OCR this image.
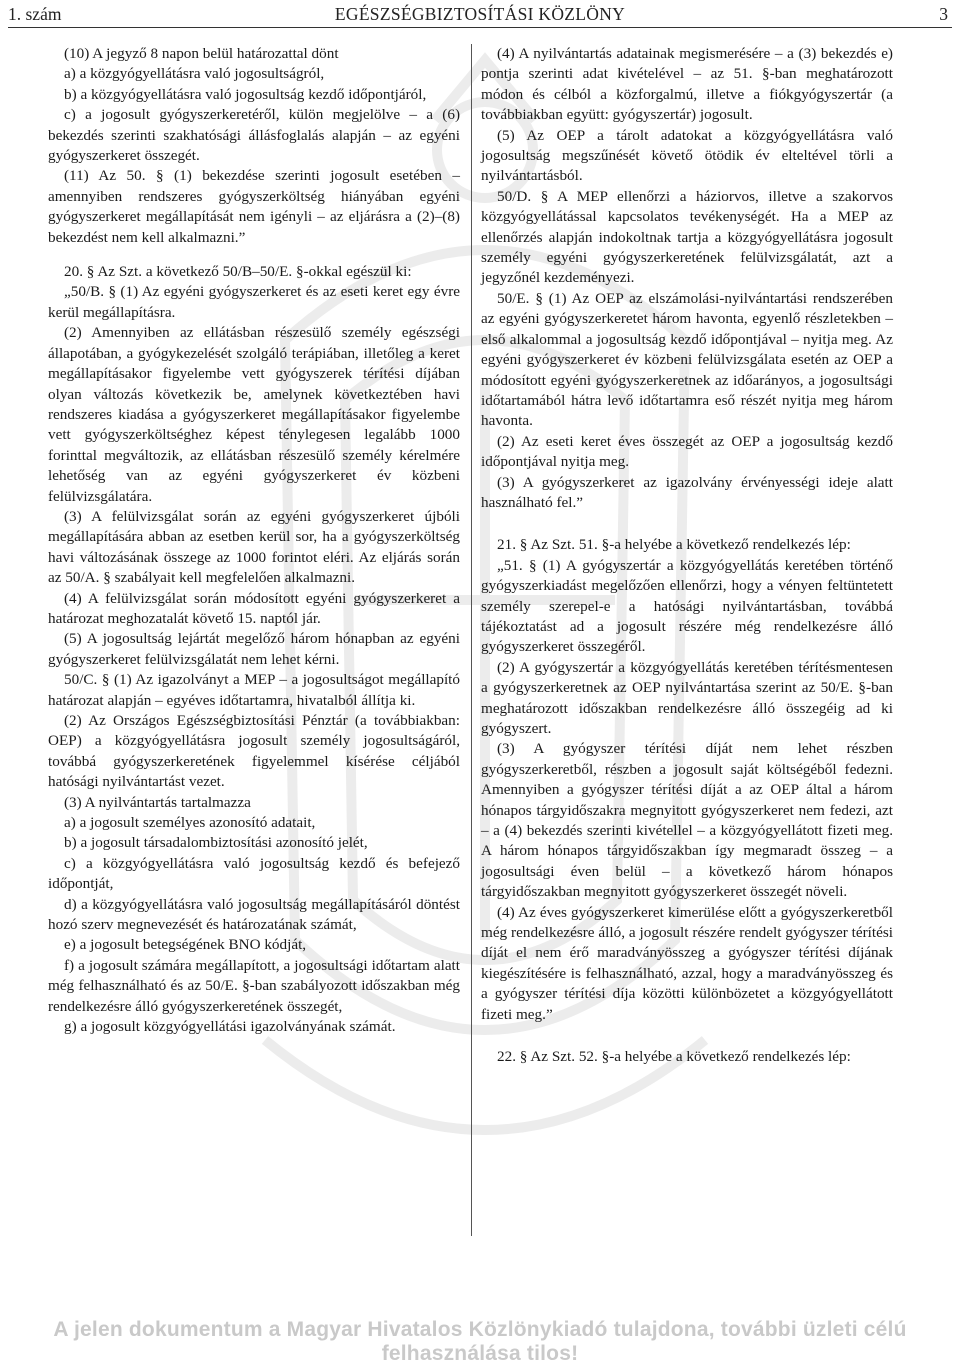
1. szám	EGÉSZSÉGBIZTOSÍTÁSI KÖZLÖNY	3

(10) A jegyző 8 napon belül határozattal dönt

a) a közgyógyellátásra való jogosultságról,

b) a közgyógyellátásra való jogosultság kezdő időpontjáról,

c) a jogosult gyógyszerkeretéről, külön megjelölve – a (6) bekezdés szerinti szakhatósági állásfoglalás alapján – az egyéni gyógyszerkeret összegét.

(11) Az 50. § (1) bekezdése szerinti jogosult esetében – amennyiben rendszeres gyógyszerköltség hiányában egyéni gyógyszerkeret megállapítását nem igényli – az eljárásra a (2)–(8) bekezdést nem kell alkalmazni.”

20. § Az Szt. a következő 50/B–50/E. §-okkal egészül ki:

„50/B. § (1) Az egyéni gyógyszerkeret és az eseti keret egy évre kerül megállapításra.

(2) Amennyiben az ellátásban részesülő személy egészségi állapotában, a gyógykezelését szolgáló terápiában, illetőleg a keret megállapításakor figyelembe vett gyógyszerek térítési díjában olyan változás következik be, amelynek következtében havi rendszeres kiadása a gyógyszerkeret megállapításakor figyelembe vett gyógyszerköltséghez képest ténylegesen legalább 1000 forinttal megváltozik, az ellátásban részesülő személy kérelmére lehetőség van az egyéni gyógyszerkeret év közbeni felülvizsgálatára.

(3) A felülvizsgálat során az egyéni gyógyszerkeret újbóli megállapítására abban az esetben kerül sor, ha a gyógyszerköltség havi változásának összege az 1000 forintot eléri. Az eljárás során az 50/A. § szabályait kell megfelelően alkalmazni.

(4) A felülvizsgálat során módosított egyéni gyógyszerkeret a határozat meghozatalát követő 15. naptól jár.

(5) A jogosultság lejártát megelőző három hónapban az egyéni gyógyszerkeret felülvizsgálatát nem lehet kérni.

50/C. § (1) Az igazolványt a MEP – a jogosultságot megállapító határozat alapján – egyéves időtartamra, hivatalból állítja ki.

(2) Az Országos Egészségbiztosítási Pénztár (a továbbiakban: OEP) a közgyógyellátásra jogosult személy jogosultságáról, továbbá gyógyszerkeretének figyelemmel kísérése céljából hatósági nyilvántartást vezet.

(3) A nyilvántartás tartalmazza

a) a jogosult személyes azonosító adatait,

b) a jogosult társadalombiztosítási azonosító jelét,

c) a közgyógyellátásra való jogosultság kezdő és befejező időpontját,

d) a közgyógyellátásra való jogosultság megállapításáról döntést hozó szerv megnevezését és határozatának számát,

e) a jogosult betegségének BNO kódját,

f) a jogosult számára megállapított, a jogosultsági időtartam alatt még felhasználható és az 50/E. §-ban szabályozott időszakban még rendelkezésre álló gyógyszerkeretének összegét,

g) a jogosult közgyógyellátási igazolványának számát.

(4) A nyilvántartás adatainak megismerésére – a (3) bekezdés e) pontja szerinti adat kivételével – az 51. §-ban meghatározott módon és célból a közforgalmú, illetve a fiókgyógyszertár (a továbbiakban együtt: gyógyszertár) jogosult.

(5) Az OEP a tárolt adatokat a közgyógyellátásra való jogosultság megszűnését követő ötödik év elteltével törli a nyilvántartásból.

50/D. § A MEP ellenőrzi a háziorvos, illetve a szakorvos közgyógyellátással kapcsolatos tevékenységét. Ha a MEP az ellenőrzés alapján indokoltnak tartja a közgyógyellátásra jogosult személy egyéni gyógyszerkeretének felülvizsgálatát, azt a jegyzőnél kezdeményezi.

50/E. § (1) Az OEP az elszámolási-nyilvántartási rendszerében az egyéni gyógyszerkeretet három havonta, egyenlő részletekben – első alkalommal a jogosultság kezdő időpontjával – nyitja meg. Az egyéni gyógyszerkeret év közbeni felülvizsgálata esetén az OEP a módosított egyéni gyógyszerkeretnek az időarányos, a jogosultsági időtartamából hátra levő időtartamra eső részét nyitja meg három havonta.

(2) Az eseti keret éves összegét az OEP a jogosultság kezdő időpontjával nyitja meg.

(3) A gyógyszerkeret az igazolvány érvényességi ideje alatt használható fel.”

21. § Az Szt. 51. §-a helyébe a következő rendelkezés lép:

„51. § (1) A gyógyszertár a közgyógyellátás keretében történő gyógyszerkiadást megelőzően ellenőrzi, hogy a vényen feltüntetett személy szerepel-e a hatósági nyilvántartásban, továbbá tájékoztatást ad a jogosult részére még rendelkezésre álló gyógyszerkeret összegéről.

(2) A gyógyszertár a közgyógyellátás keretében térítésmentesen a gyógyszerkeretnek az OEP nyilvántartása szerint az 50/E. §-ban meghatározott időszakban rendelkezésre álló összegéig ad ki gyógyszert.

(3) A gyógyszer térítési díját nem lehet részben gyógyszerkeretből, részben a jogosult saját költségéből fedezni. Amennyiben a gyógyszer térítési díját a az OEP által a három hónapos tárgyidőszakra megnyitott gyógyszerkeret nem fedezi, azt – a (4) bekezdés szerinti kivétellel – a közgyógyellátott fizeti meg. A három hónapos tárgyidőszakban így megmaradt összeg – a jogosultsági éven belül – a következő három hónapos tárgyidőszakban megnyitott gyógyszerkeret összegét növeli.

(4) Az éves gyógyszerkeret kimerülése előtt a gyógyszerkeretből még rendelkezésre álló, a jogosult részére rendelt gyógyszer térítési díját el nem érő maradványösszeg a gyógyszer térítési díjának kiegészítésére is felhasználható, azzal, hogy a maradványösszeg és a gyógyszer térítési díja közötti különbözetet a közgyógyellátott fizeti meg.”

22. § Az Szt. 52. §-a helyébe a következő rendelkezés lép:

A jelen dokumentum a Magyar Hivatalos Közlönykiadó tulajdona, további üzleti célú felhasználása tilos!
